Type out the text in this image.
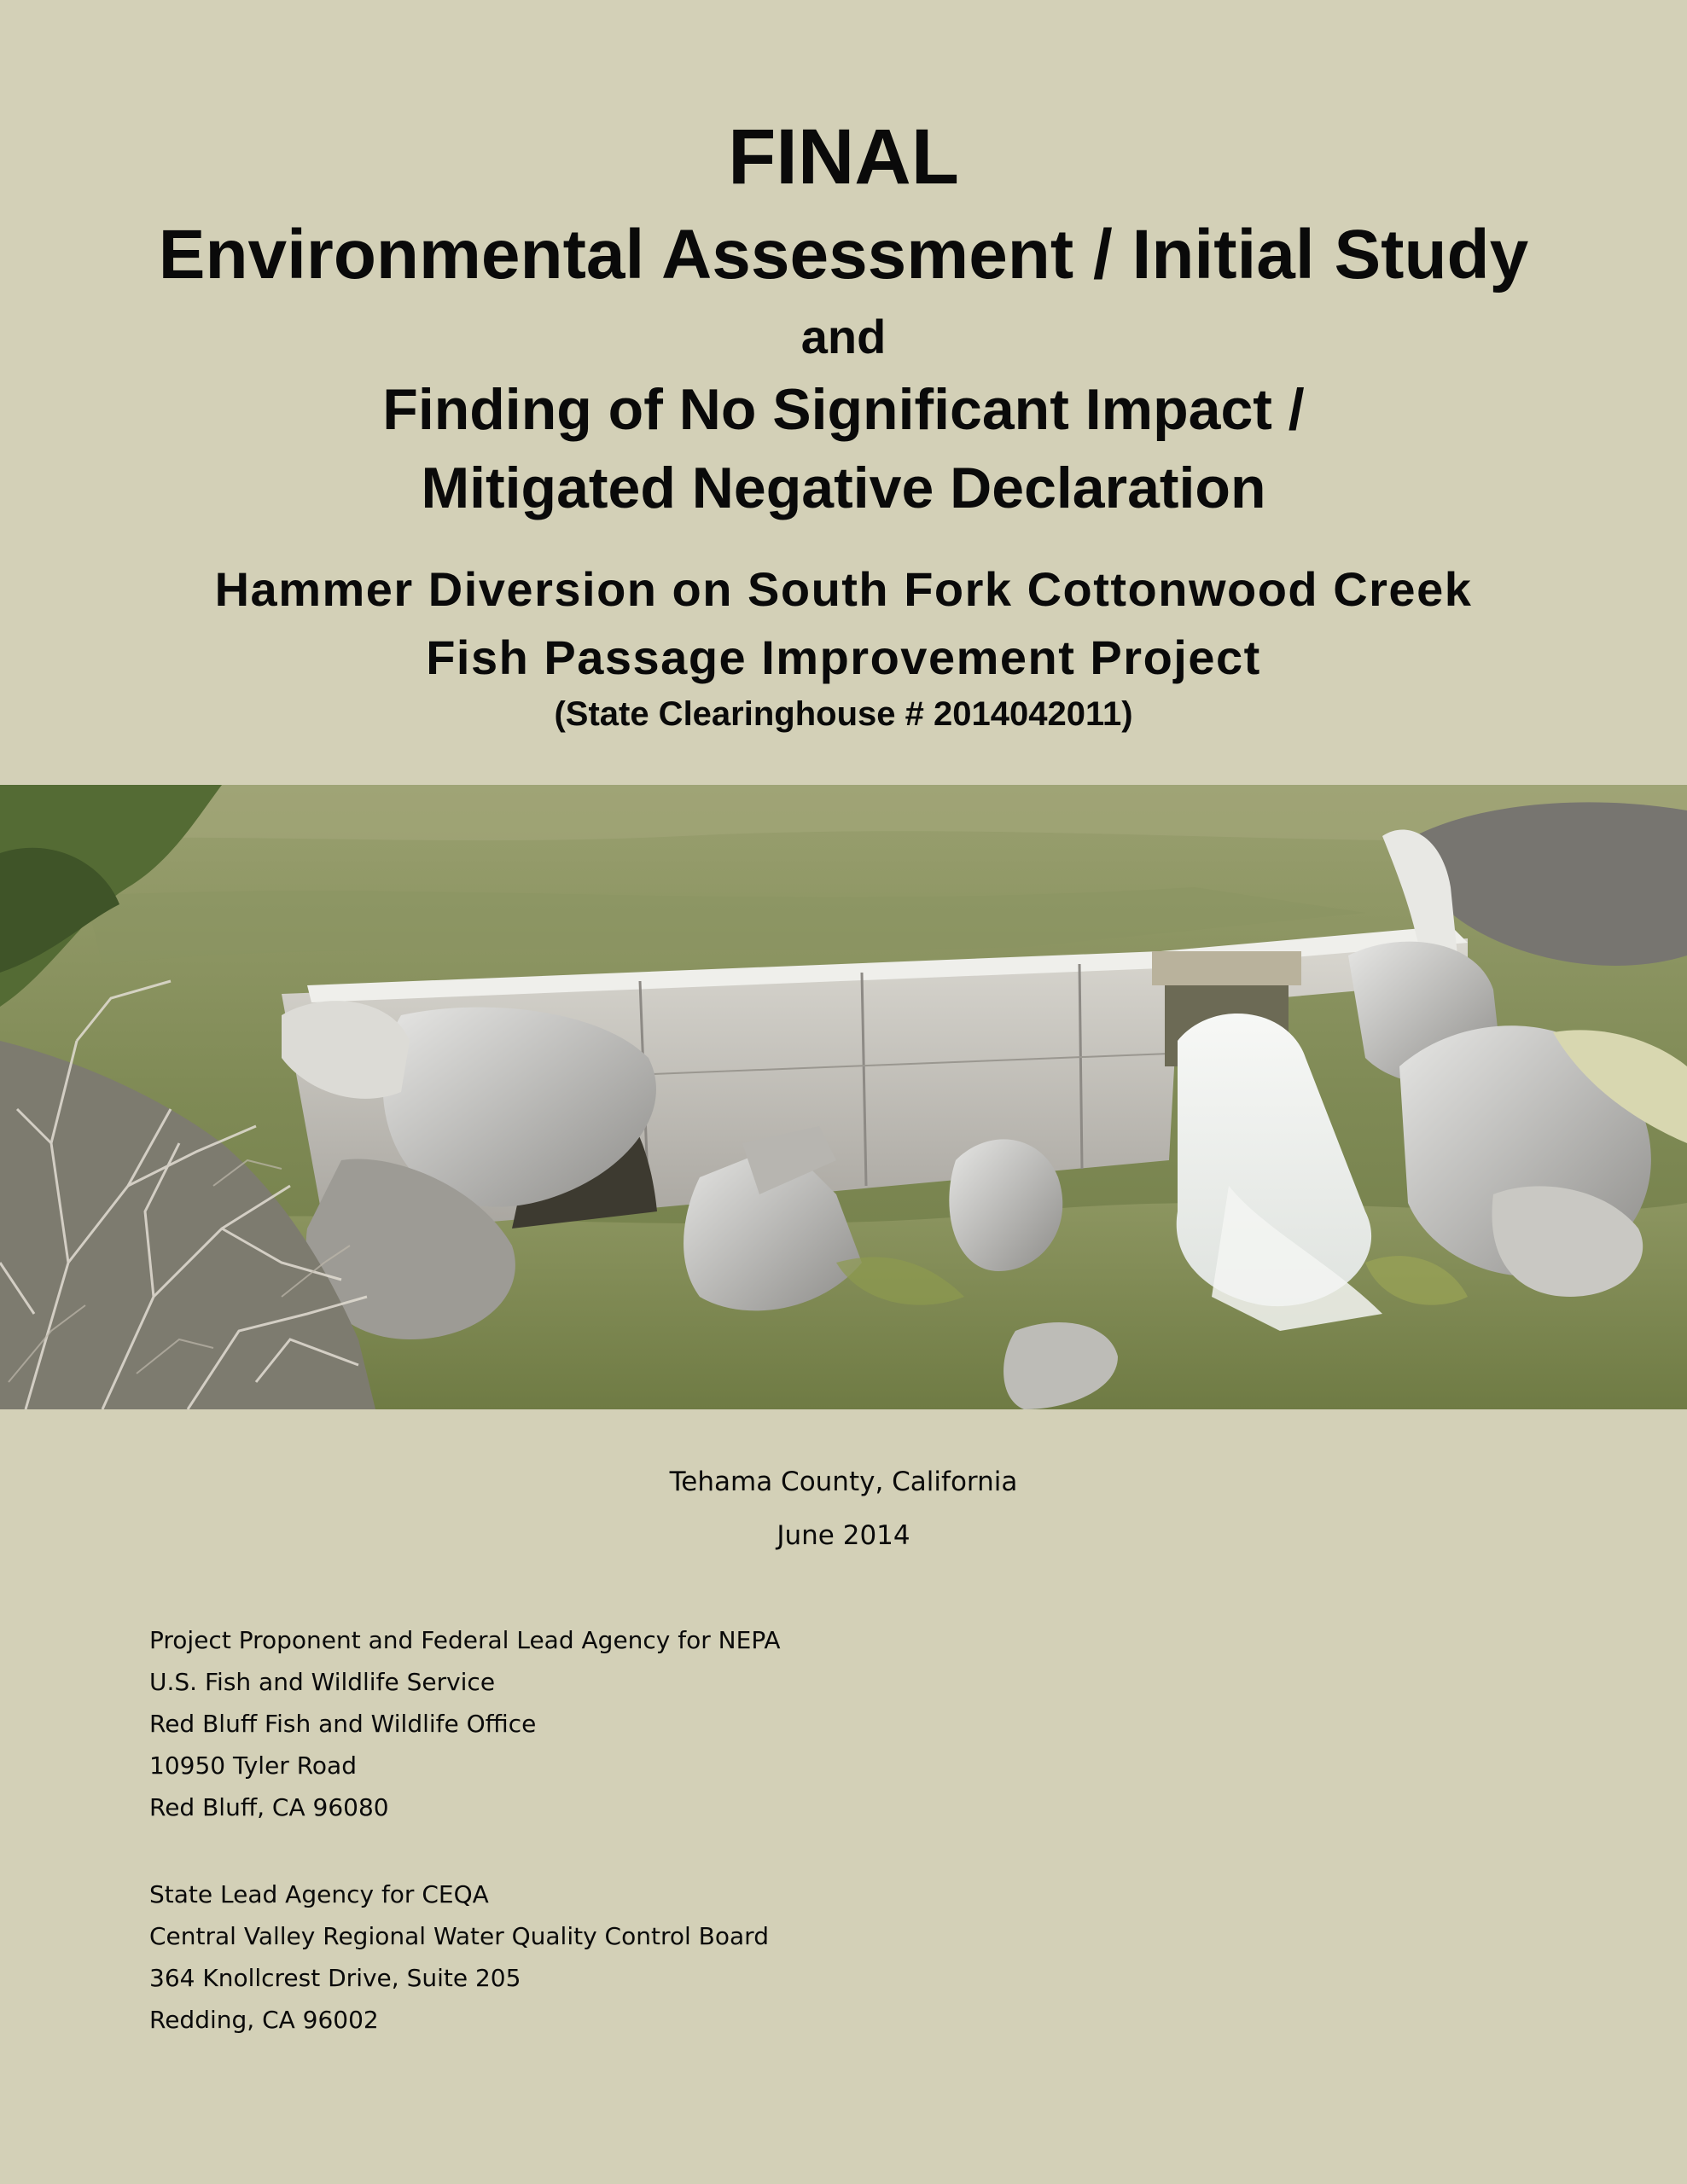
FINAL
Environmental Assessment / Initial Study
and
Finding of No Significant Impact /
Mitigated Negative Declaration
Hammer Diversion on South Fork Cottonwood Creek
Fish Passage Improvement Project
(State Clearinghouse # 2014042011)
Tehama County, California
June 2014
Project Proponent and Federal Lead Agency for NEPA
U.S. Fish and Wildlife Service
Red Bluff Fish and Wildlife Office
10950 Tyler Road
Red Bluff, CA 96080
State Lead Agency for CEQA
Central Valley Regional Water Quality Control Board
364 Knollcrest Drive, Suite 205
Redding, CA 96002
